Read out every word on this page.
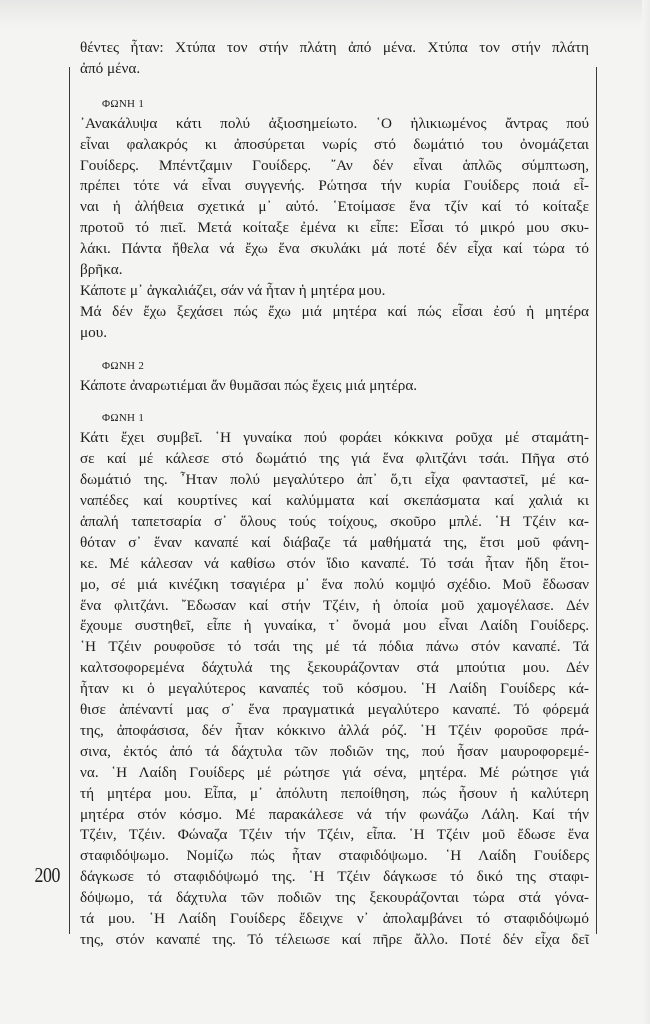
200
θέντες ἦταν: Χτύπα τον στήν πλάτη ἀπό μένα. Χτύπα τον στήν πλάτη
ἀπό μένα.
ΦΩΝΗ 1
᾿Ανακάλυψα κάτι πολύ ἀξιοσημείωτο. ῾Ο ἡλικιωμένος ἄντρας πού
εἶναι φαλακρός κι ἀποσύρεται νωρίς στό δωμάτιό του ὀνομάζεται
Γουίδερς. Μπέντζαμιν Γουίδερς. ῎Αν δέν εἶναι ἁπλῶς σύμπτωση,
πρέπει τότε νά εἶναι συγγενής. Ρώτησα τήν κυρία Γουίδερς ποιά εἶ-
ναι ἡ ἀλήθεια σχετικά μ᾿ αὐτό. ῾Ετοίμασε ἕνα τζίν καί τό κοίταξε
προτοῦ τό πιεῖ. Μετά κοίταξε ἐμένα κι εἶπε: Εἶσαι τό μικρό μου σκυ-
λάκι. Πάντα ἤθελα νά ἔχω ἕνα σκυλάκι μά ποτέ δέν εἶχα καί τώρα τό
βρῆκα.
Κάποτε μ᾿ ἀγκαλιάζει, σάν νά ἦταν ἡ μητέρα μου.
Μά δέν ἔχω ξεχάσει πώς ἔχω μιά μητέρα καί πώς εἶσαι ἐσύ ἡ μητέρα
μου.
ΦΩΝΗ 2
Κάποτε ἀναρωτιέμαι ἄν θυμᾶσαι πώς ἔχεις μιά μητέρα.
ΦΩΝΗ 1
Κάτι ἔχει συμβεῖ. ῾Η γυναίκα πού φοράει κόκκινα ροῦχα μέ σταμάτη-
σε καί μέ κάλεσε στό δωμάτιό της γιά ἕνα φλιτζάνι τσάι. Πῆγα στό
δωμάτιό της. ῏Ηταν πολύ μεγαλύτερο ἀπ᾿ ὅ,τι εἶχα φανταστεῖ, μέ κα-
ναπέδες καί κουρτίνες καί καλύμματα καί σκεπάσματα καί χαλιά κι
ἁπαλή ταπετσαρία σ᾿ ὅλους τούς τοίχους, σκοῦρο μπλέ. ῾Η Τζέιν κα-
θόταν σ᾿ ἕναν καναπέ καί διάβαζε τά μαθήματά της, ἔτσι μοῦ φάνη-
κε. Μέ κάλεσαν νά καθίσω στόν ἴδιο καναπέ. Τό τσάι ἦταν ἤδη ἕτοι-
μο, σέ μιά κινέζικη τσαγιέρα μ᾿ ἕνα πολύ κομψό σχέδιο. Μοῦ ἔδωσαν
ἕνα φλιτζάνι. ῎Εδωσαν καί στήν Τζέιν, ἡ ὁποία μοῦ χαμογέλασε. Δέν
ἔχουμε συστηθεῖ, εἶπε ἡ γυναίκα, τ᾿ ὄνομά μου εἶναι Λαίδη Γουίδερς.
῾Η Τζέιν ρουφοῦσε τό τσάι της μέ τά πόδια πάνω στόν καναπέ. Τά
καλτσοφορεμένα δάχτυλά της ξεκουράζονταν στά μπούτια μου. Δέν
ἦταν κι ὁ μεγαλύτερος καναπές τοῦ κόσμου. ῾Η Λαίδη Γουίδερς κά-
θισε ἀπέναντί μας σ᾿ ἕνα πραγματικά μεγαλύτερο καναπέ. Τό φόρεμά
της, ἀποφάσισα, δέν ἦταν κόκκινο ἀλλά ρόζ. ῾Η Τζέιν φοροῦσε πρά-
σινα, ἐκτός ἀπό τά δάχτυλα τῶν ποδιῶν της, πού ἦσαν μαυροφορεμέ-
να. ῾Η Λαίδη Γουίδερς μέ ρώτησε γιά σένα, μητέρα. Μέ ρώτησε γιά
τή μητέρα μου. Εἶπα, μ᾿ ἀπόλυτη πεποίθηση, πώς ἦσουν ἡ καλύτερη
μητέρα στόν κόσμο. Μέ παρακάλεσε νά τήν φωνάζω Λάλη. Καί τήν
Τζέιν, Τζέιν. Φώναζα Τζέιν τήν Τζέιν, εἶπα. ῾Η Τζέιν μοῦ ἔδωσε ἕνα
σταφιδόψωμο. Νομίζω πώς ἦταν σταφιδόψωμο. ῾Η Λαίδη Γουίδερς
δάγκωσε τό σταφιδόψωμό της. ῾Η Τζέιν δάγκωσε τό δικό της σταφι-
δόψωμο, τά δάχτυλα τῶν ποδιῶν της ξεκουράζονται τώρα στά γόνα-
τά μου. ῾Η Λαίδη Γουίδερς ἔδειχνε ν᾿ ἀπολαμβάνει τό σταφιδόψωμό
της, στόν καναπέ της. Τό τέλειωσε καί πῆρε ἄλλο. Ποτέ δέν εἶχα δεῖ
